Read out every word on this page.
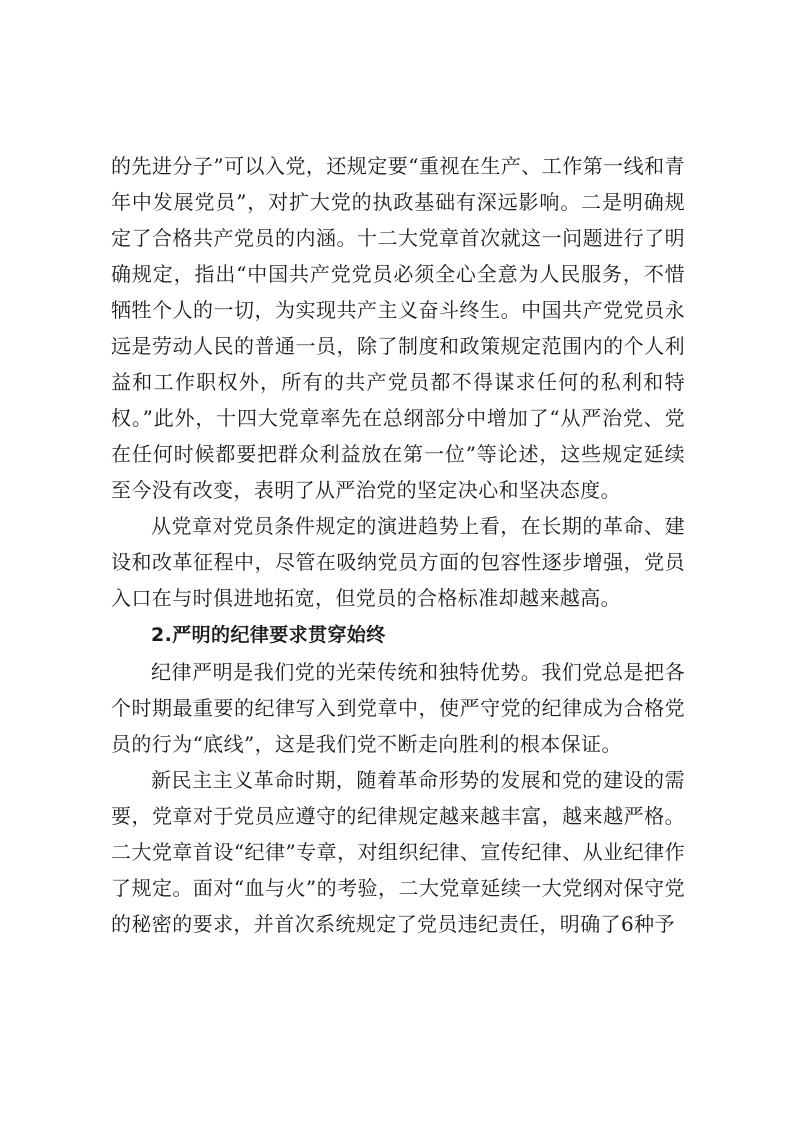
的先进分子”可以入党，还规定要“重视在生产、工作第一线和青年中发展党员”，对扩大党的执政基础有深远影响。二是明确规定了合格共产党员的内涵。十二大党章首次就这一问题进行了明确规定，指出“中国共产党党员必须全心全意为人民服务，不惜牺牲个人的一切，为实现共产主义奋斗终生。中国共产党党员永远是劳动人民的普通一员，除了制度和政策规定范围内的个人利益和工作职权外，所有的共产党员都不得谋求任何的私利和特权。”此外，十四大党章率先在总纲部分中增加了“从严治党、党在任何时候都要把群众利益放在第一位”等论述，这些规定延续至今没有改变，表明了从严治党的坚定决心和坚决态度。

从党章对党员条件规定的演进趋势上看，在长期的革命、建设和改革征程中，尽管在吸纳党员方面的包容性逐步增强，党员入口在与时俱进地拓宽，但党员的合格标准却越来越高。

2.严明的纪律要求贯穿始终

纪律严明是我们党的光荣传统和独特优势。我们党总是把各个时期最重要的纪律写入到党章中，使严守党的纪律成为合格党员的行为“底线”，这是我们党不断走向胜利的根本保证。

新民主主义革命时期，随着革命形势的发展和党的建设的需要，党章对于党员应遵守的纪律规定越来越丰富，越来越严格。二大党章首设“纪律”专章，对组织纪律、宣传纪律、从业纪律作了规定。面对“血与火”的考验，二大党章延续一大党纲对保守党的秘密的要求，并首次系统规定了党员违纪责任，明确了6种予
